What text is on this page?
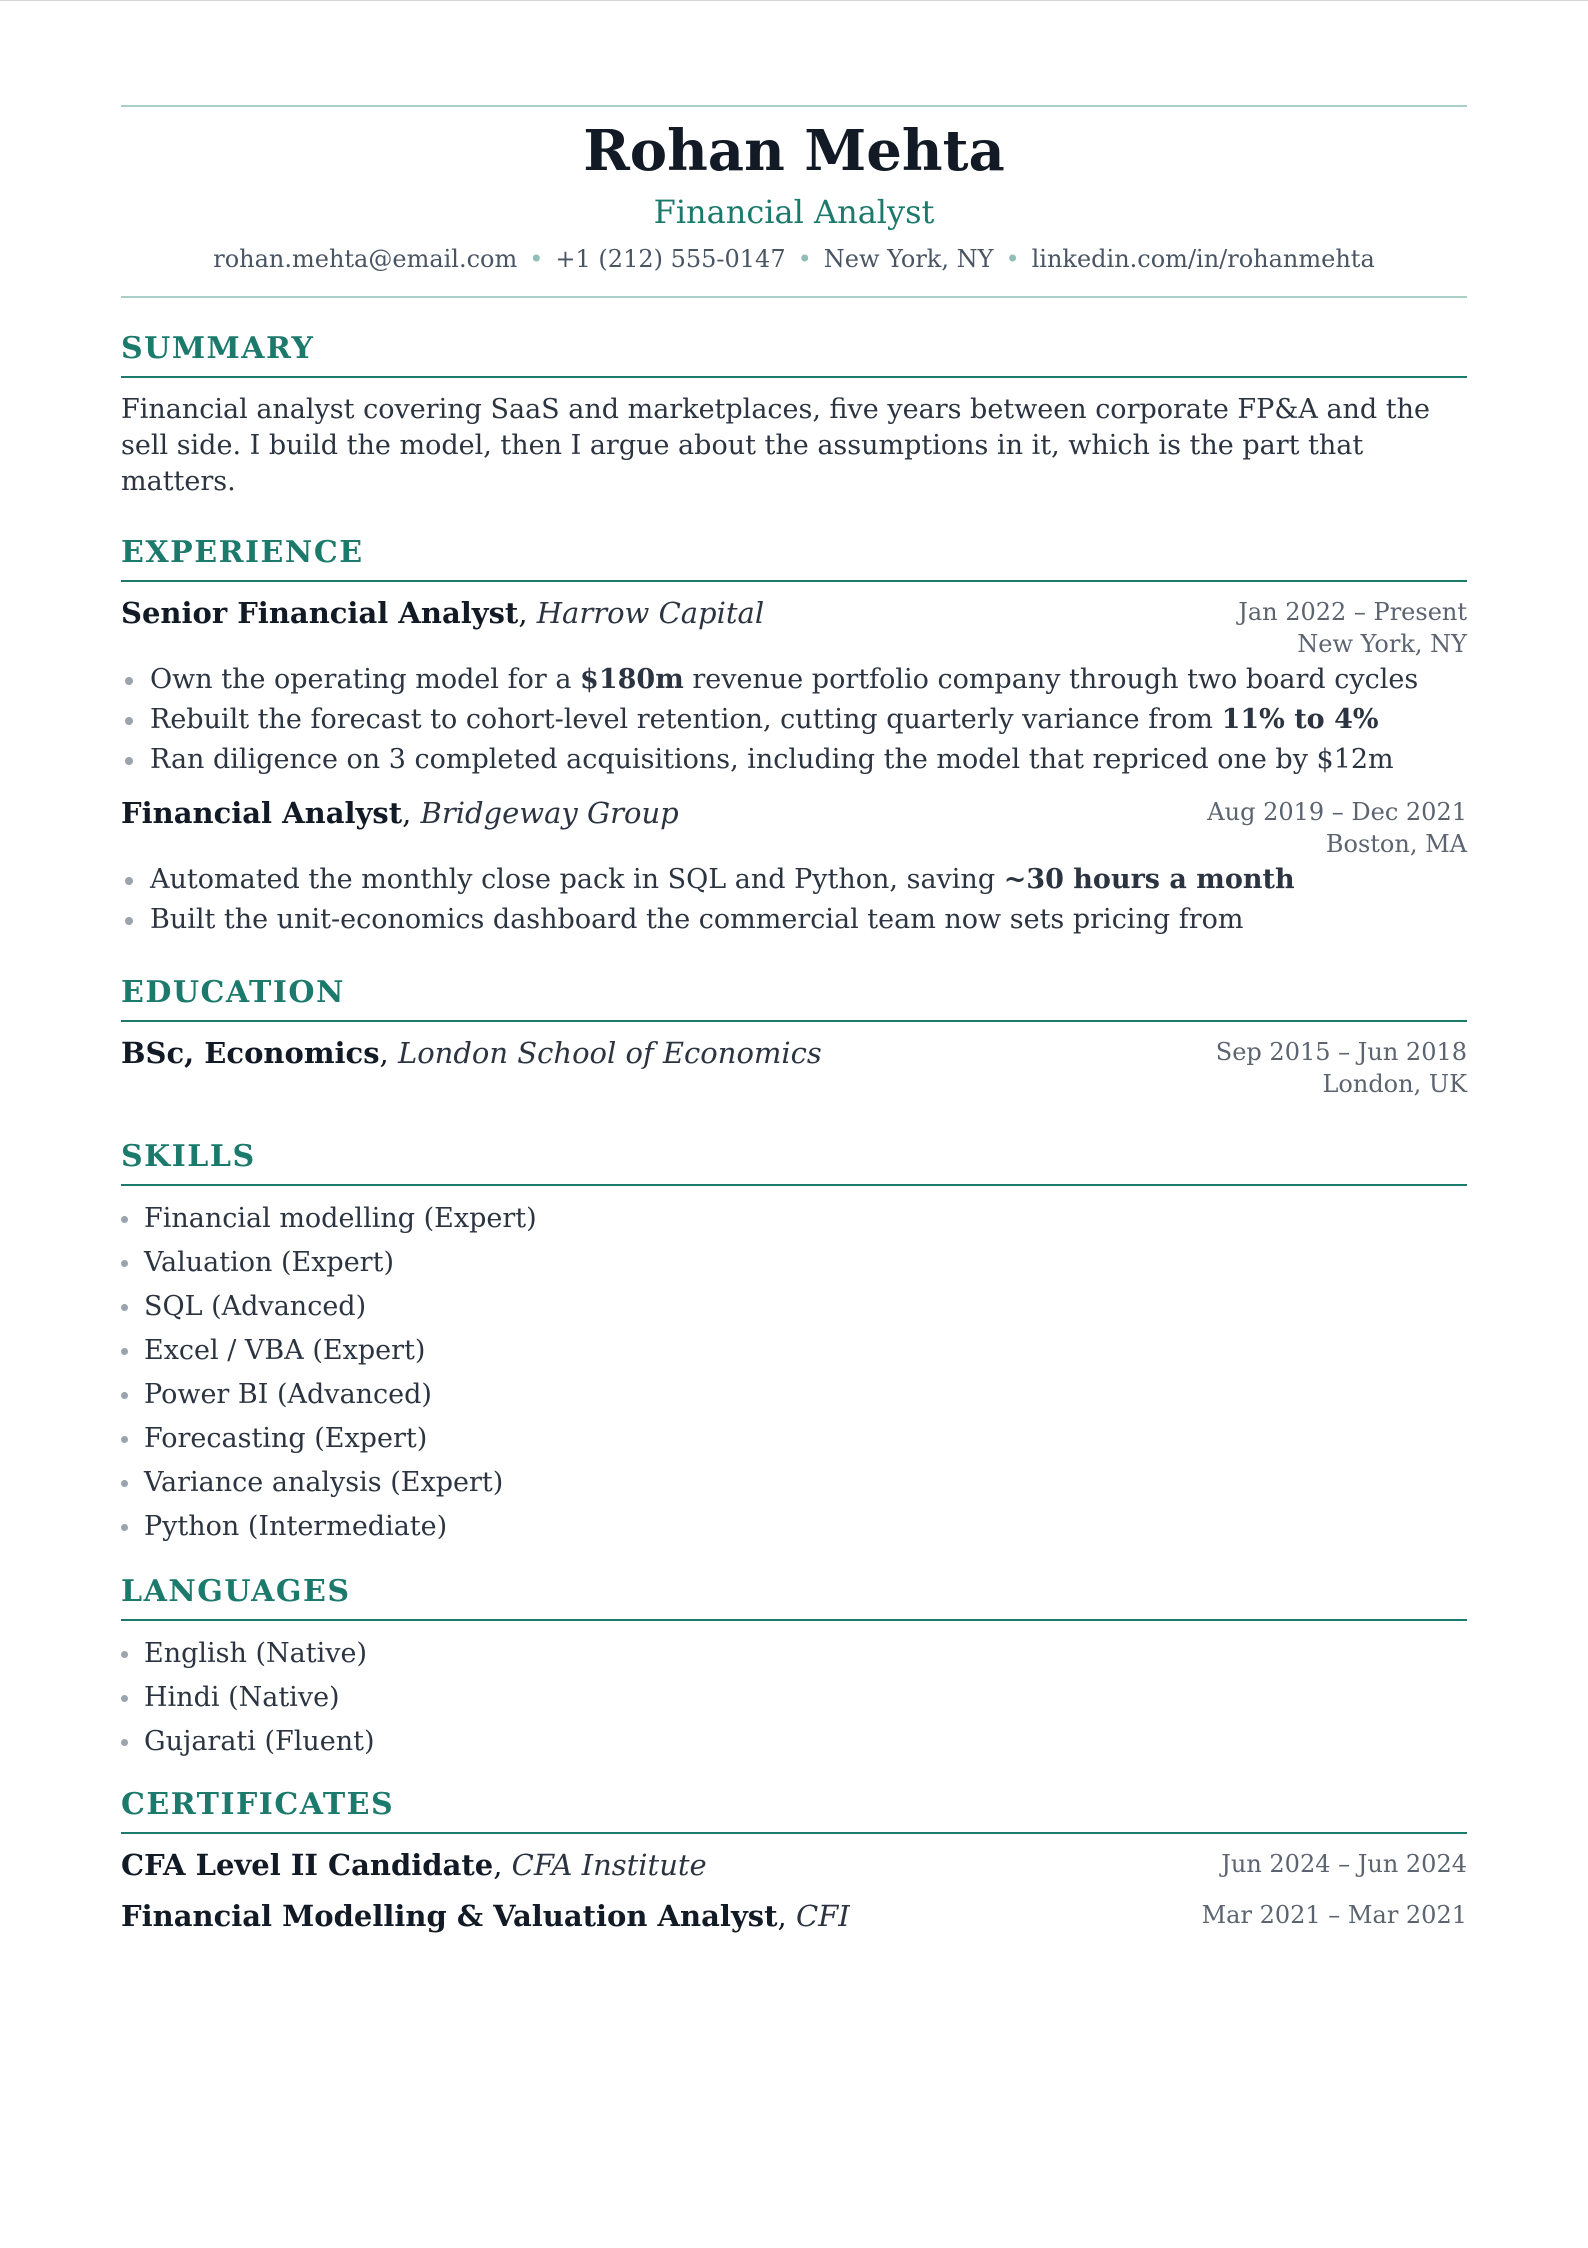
Rohan Mehta
Financial Analyst
rohan.mehta@email.com • +1 (212) 555-0147 • New York, NY • linkedin.com/in/rohanmehta
SUMMARY
Financial analyst covering SaaS and marketplaces, five years between corporate FP&A and the sell side. I build the model, then I argue about the assumptions in it, which is the part that matters.
EXPERIENCE
Senior Financial Analyst, Harrow Capital	Jan 2022 – Present
New York, NY
Own the operating model for a $180m revenue portfolio company through two board cycles
Rebuilt the forecast to cohort-level retention, cutting quarterly variance from 11% to 4%
Ran diligence on 3 completed acquisitions, including the model that repriced one by $12m
Financial Analyst, Bridgeway Group	Aug 2019 – Dec 2021
Boston, MA
Automated the monthly close pack in SQL and Python, saving ~30 hours a month
Built the unit-economics dashboard the commercial team now sets pricing from
EDUCATION
BSc, Economics, London School of Economics	Sep 2015 – Jun 2018
London, UK
SKILLS
Financial modelling (Expert)
Valuation (Expert)
SQL (Advanced)
Excel / VBA (Expert)
Power BI (Advanced)
Forecasting (Expert)
Variance analysis (Expert)
Python (Intermediate)
LANGUAGES
English (Native)
Hindi (Native)
Gujarati (Fluent)
CERTIFICATES
CFA Level II Candidate, CFA Institute	Jun 2024 – Jun 2024
Financial Modelling & Valuation Analyst, CFI	Mar 2021 – Mar 2021
